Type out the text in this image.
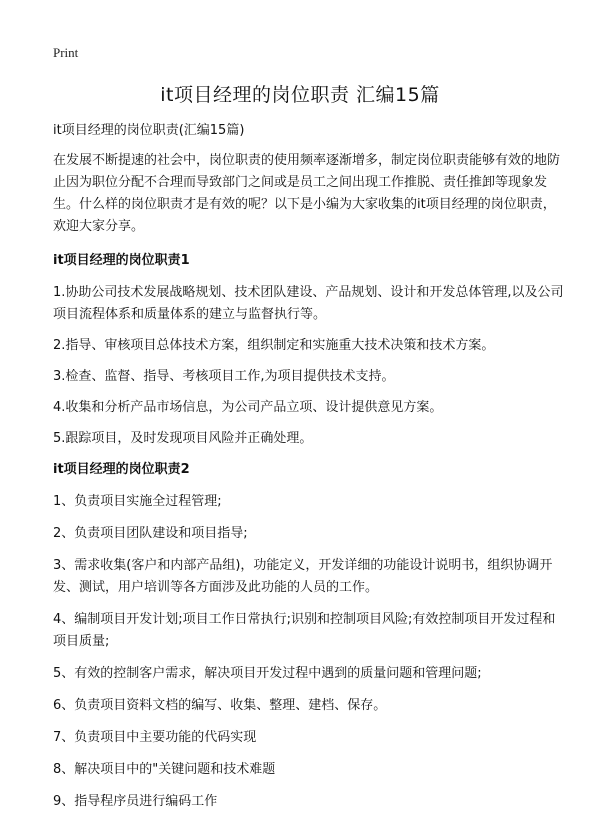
Print
it项目经理的岗位职责 汇编15篇

it项目经理的岗位职责(汇编15篇)

在发展不断提速的社会中，岗位职责的使用频率逐渐增多，制定岗位职责能够有效的地防止因为职位分配不合理而导致部门之间或是员工之间出现工作推脱、责任推卸等现象发生。什么样的岗位职责才是有效的呢？以下是小编为大家收集的it项目经理的岗位职责，欢迎大家分享。

it项目经理的岗位职责1

1.协助公司技术发展战略规划、技术团队建设、产品规划、设计和开发总体管理,以及公司项目流程体系和质量体系的建立与监督执行等。

2.指导、审核项目总体技术方案，组织制定和实施重大技术决策和技术方案。

3.检查、监督、指导、考核项目工作,为项目提供技术支持。

4.收集和分析产品市场信息，为公司产品立项、设计提供意见方案。

5.跟踪项目，及时发现项目风险并正确处理。

it项目经理的岗位职责2

1、负责项目实施全过程管理;

2、负责项目团队建设和项目指导;

3、需求收集(客户和内部产品组)，功能定义，开发详细的功能设计说明书，组织协调开发、测试，用户培训等各方面涉及此功能的人员的工作。

4、编制项目开发计划;项目工作日常执行;识别和控制项目风险;有效控制项目开发过程和项目质量;

5、有效的控制客户需求，解决项目开发过程中遇到的质量问题和管理问题;

6、负责项目资料文档的编写、收集、整理、建档、保存。

7、负责项目中主要功能的代码实现

8、解决项目中的"关键问题和技术难题

9、指导程序员进行编码工作
